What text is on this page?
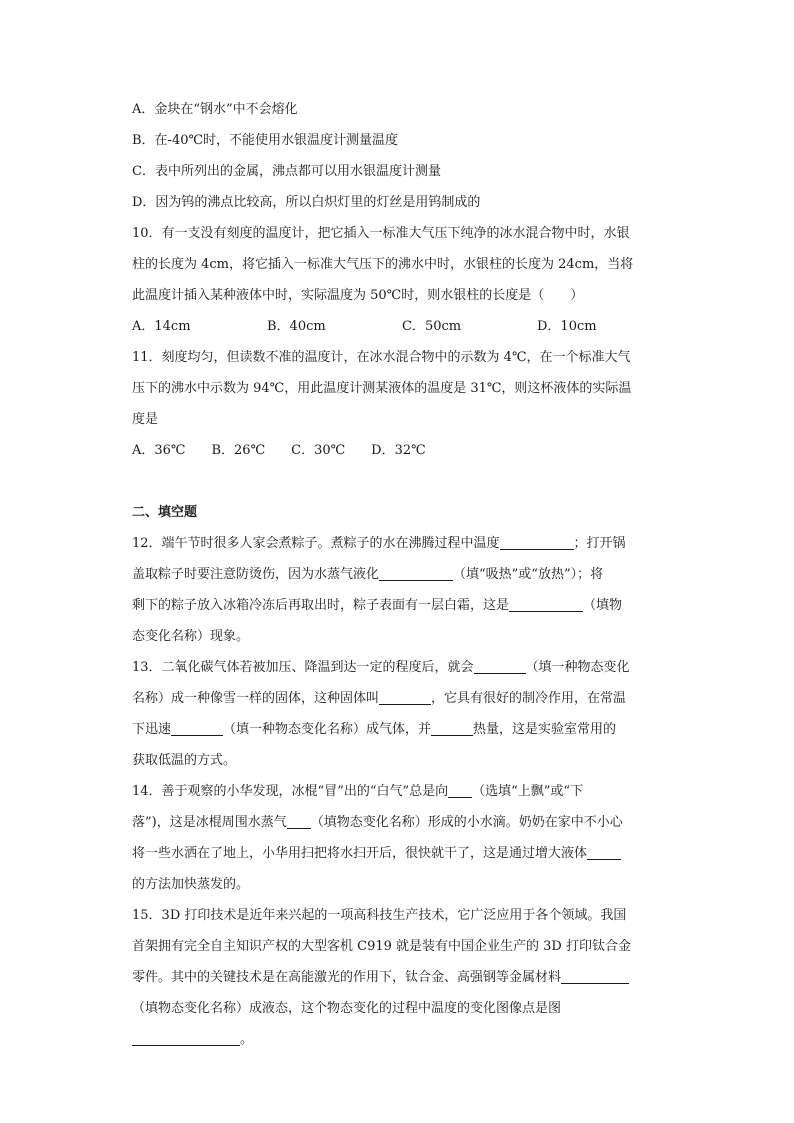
A．金块在“钢水”中不会熔化
B．在-40℃时，不能使用水银温度计测量温度
C．表中所列出的金属，沸点都可以用水银温度计测量
D．因为钨的沸点比较高，所以白炽灯里的灯丝是用钨制成的
10．有一支没有刻度的温度计，把它插入一标准大气压下纯净的冰水混合物中时，水银
柱的长度为 4cm，将它插入一标准大气压下的沸水中时，水银柱的长度为 24cm，当将
此温度计插入某种液体中时，实际温度为 50℃时，则水银柱的长度是（　　）
A．14cm	B．40cm	C．50cm	D．10cm
11．刻度均匀，但读数不准的温度计，在冰水混合物中的示数为 4℃，在一个标准大气
压下的沸水中示数为 94℃，用此温度计测某液体的温度是 31℃，则这杯液体的实际温
度是
A．36℃ B．26℃ C．30℃ D．32℃
二、填空题
12．端午节时很多人家会煮粽子。煮粽子的水在沸腾过程中温度	；打开锅
盖取粽子时要注意防烫伤，因为水蒸气液化	（填“吸热”或“放热”）；将
剩下的粽子放入冰箱冷冻后再取出时，粽子表面有一层白霜，这是	（填物
态变化名称）现象。
13．二氧化碳气体若被加压、降温到达一定的程度后，就会	（填一种物态变化
名称）成一种像雪一样的固体，这种固体叫	，它具有很好的制冷作用，在常温
下迅速	（填一种物态变化名称）成气体，并	热量，这是实验室常用的
获取低温的方式。
14．善于观察的小华发现，冰棍“冒”出的“白气”总是向 （选填“上飘”或“下
落”)，这是冰棍周围水蒸气 （填物态变化名称）形成的小水滴。奶奶在家中不小心
将一些水洒在了地上，小华用扫把将水扫开后，很快就干了，这是通过增大液体
的方法加快蒸发的。
15．3D 打印技术是近年来兴起的一项高科技生产技术，它广泛应用于各个领域。我国
首架拥有完全自主知识产权的大型客机 C919 就是装有中国企业生产的 3D 打印钛合金
零件。其中的关键技术是在高能激光的作用下，钛合金、高强钢等金属材料
（填物态变化名称）成液态，这个物态变化的过程中温度的变化图像点是图
。
